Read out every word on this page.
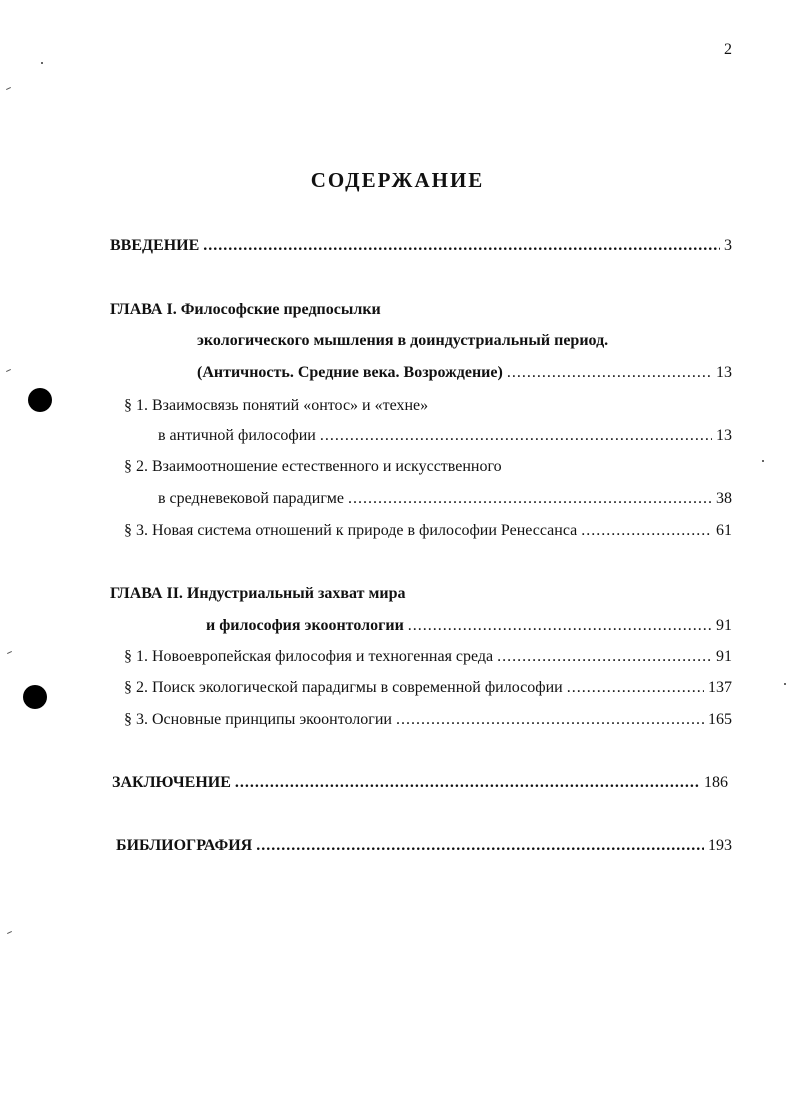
2
СОДЕРЖАНИЕ
ВВЕДЕНИЕ .....	3
ГЛАВА I. Философские предпосылки
экологического мышления в доиндустриальный период.
(Античность. Средние века. Возрождение) .....	13
§ 1. Взаимосвязь понятий «онтос» и «техне»
в античной философии .....	13
§ 2. Взаимоотношение естественного и искусственного
в средневековой парадигме .....	38
§ 3. Новая система отношений к природе в философии Ренессанса .....	61
ГЛАВА II. Индустриальный захват мира
и философия экоонтологии .....	91
§ 1. Новоевропейская философия и техногенная среда .....	91
§ 2. Поиск экологической парадигмы в современной философии .....	137
§ 3. Основные принципы экоонтологии .....	165
ЗАКЛЮЧЕНИЕ .....	186
БИБЛИОГРАФИЯ .....	193
